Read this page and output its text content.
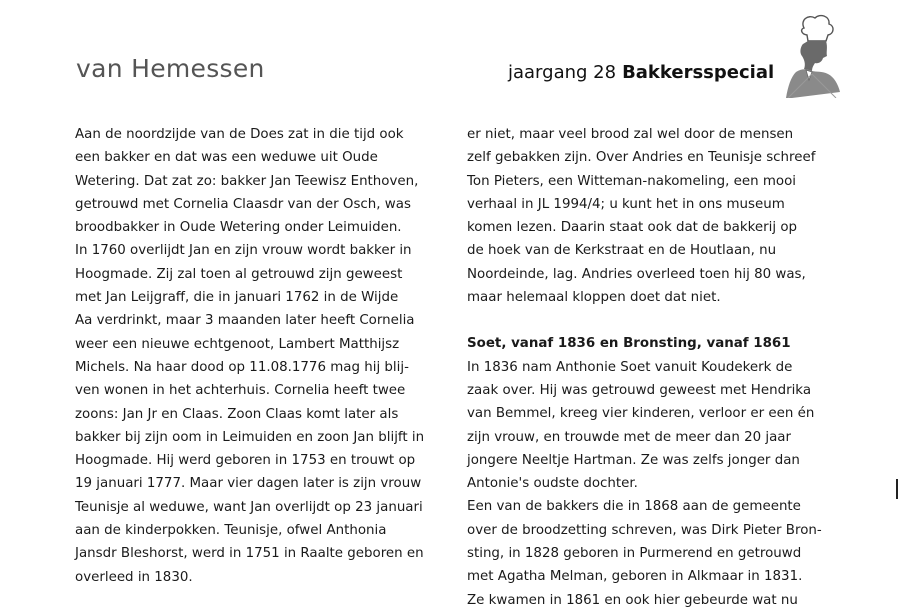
van Hemessen	jaargang 28 Bakkersspecial
Aan de noordzijde van de Does zat in die tijd ook
een bakker en dat was een weduwe uit Oude
Wetering. Dat zat zo: bakker Jan Teewisz Enthoven,
getrouwd met Cornelia Claasdr van der Osch, was
broodbakker in Oude Wetering onder Leimuiden.
In 1760 overlijdt Jan en zijn vrouw wordt bakker in
Hoogmade. Zij zal toen al getrouwd zijn geweest
met Jan Leijgraff, die in januari 1762 in de Wijde
Aa verdrinkt, maar 3 maanden later heeft Cornelia
weer een nieuwe echtgenoot, Lambert Matthijsz
Michels. Na haar dood op 11.08.1776 mag hij blij-
ven wonen in het achterhuis. Cornelia heeft twee
zoons: Jan Jr en Claas. Zoon Claas komt later als
bakker bij zijn oom in Leimuiden en zoon Jan blijft in
Hoogmade. Hij werd geboren in 1753 en trouwt op
19 januari 1777. Maar vier dagen later is zijn vrouw
Teunisje al weduwe, want Jan overlijdt op 23 januari
aan de kinderpokken. Teunisje, ofwel Anthonia
Jansdr Bleshorst, werd in 1751 in Raalte geboren en
overleed in 1830.
er niet, maar veel brood zal wel door de mensen
zelf gebakken zijn. Over Andries en Teunisje schreef
Ton Pieters, een Witteman-nakomeling, een mooi
verhaal in JL 1994/4; u kunt het in ons museum
komen lezen. Daarin staat ook dat de bakkerij op
de hoek van de Kerkstraat en de Houtlaan, nu
Noordeinde, lag. Andries overleed toen hij 80 was,
maar helemaal kloppen doet dat niet.
Soet, vanaf 1836 en Bronsting, vanaf 1861
In 1836 nam Anthonie Soet vanuit Koudekerk de
zaak over. Hij was getrouwd geweest met Hendrika
van Bemmel, kreeg vier kinderen, verloor er een én
zijn vrouw, en trouwde met de meer dan 20 jaar
jongere Neeltje Hartman. Ze was zelfs jonger dan
Antonie's oudste dochter.
Een van de bakkers die in 1868 aan de gemeente
over de broodzetting schreven, was Dirk Pieter Bron-
sting, in 1828 geboren in Purmerend en getrouwd
met Agatha Melman, geboren in Alkmaar in 1831.
Ze kwamen in 1861 en ook hier gebeurde wat nu
